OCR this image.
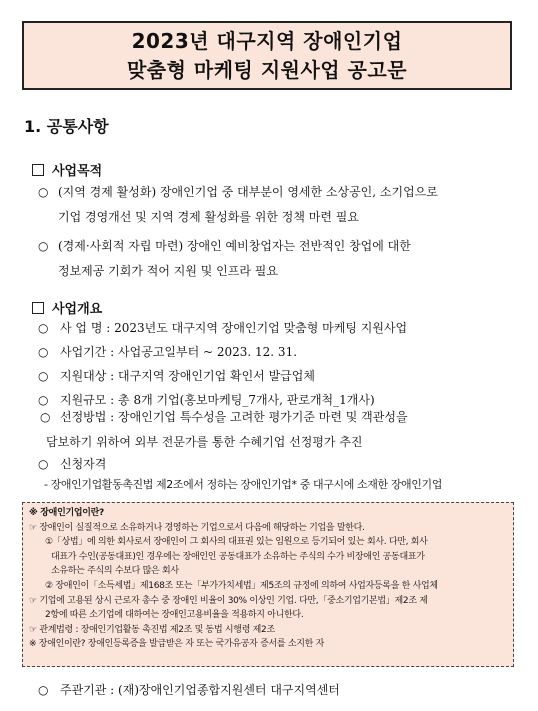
2023년 대구지역 장애인기업
맞춤형 마케팅 지원사업 공고문
1. 공통사항
사업목적
○ (지역 경제 활성화) 장애인기업 중 대부분이 영세한 소상공인, 소기업으로
기업 경영개선 및 지역 경제 활성화를 위한 정책 마련 필요
○ (경제·사회적 자립 마련) 장애인 예비창업자는 전반적인 창업에 대한
정보제공 기회가 적어 지원 및 인프라 필요
사업개요
○ 사 업 명 : 2023년도 대구지역 장애인기업 맞춤형 마케팅 지원사업
○ 사업기간 : 사업공고일부터 ~ 2023. 12. 31.
○ 지원대상 : 대구지역 장애인기업 확인서 발급업체
○ 지원규모 : 총 8개 기업(홍보마케팅_7개사, 판로개척_1개사)
○ 선정방법 : 장애인기업 특수성을 고려한 평가기준 마련 및 객관성을
담보하기 위하여 외부 전문가를 통한 수혜기업 선정평가 추진
○ 신청자격
- 장애인기업활동촉진법 제2조에서 정하는 장애인기업* 중 대구시에 소재한 장애인기업
※ 장애인기업이란?
☞ 장애인이 실질적으로 소유하거나 경영하는 기업으로서 다음에 해당하는 기업을 말한다.
①「상법」에 의한 회사로서 장애인이 그 회사의 대표권 있는 임원으로 등기되어 있는 회사. 다만, 회사
대표가 수인(공동대표)인 경우에는 장애인인 공동대표가 소유하는 주식의 수가 비장애인 공동대표가
소유하는 주식의 수보다 많은 회사
② 장애인이「소득세법」제168조 또는「부가가치세법」제5조의 규정에 의하여 사업자등록을 한 사업체
☞ 기업에 고용된 상시 근로자 총수 중 장애인 비율이 30% 이상인 기업. 다만,「중소기업기본법」제2조 제
2항에 따른 소기업에 대하여는 장애인고용비율을 적용하지 아니한다.
☞ 관계법령 : 장애인기업활동 촉진법 제2조 및 동법 시행령 제2조
※ 장애인이란? 장애인등록증을 발급받은 자 또는 국가유공자 증서를 소지한 자
○ 주관기관 : (재)장애인기업종합지원센터 대구지역센터
